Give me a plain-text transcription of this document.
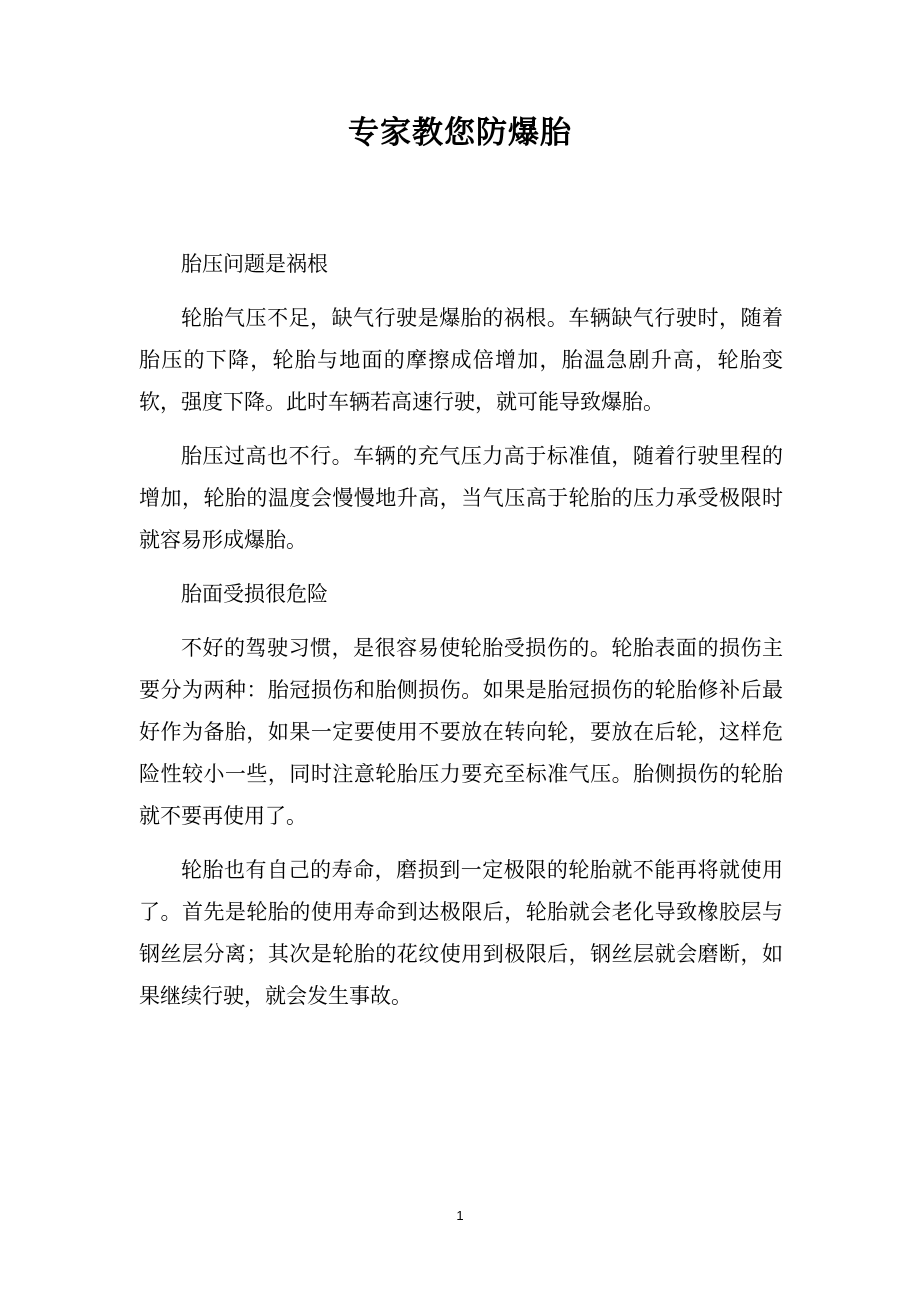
专家教您防爆胎

胎压问题是祸根

轮胎气压不足，缺气行驶是爆胎的祸根。车辆缺气行驶时，随着胎压的下降，轮胎与地面的摩擦成倍增加，胎温急剧升高，轮胎变软，强度下降。此时车辆若高速行驶，就可能导致爆胎。

胎压过高也不行。车辆的充气压力高于标准值，随着行驶里程的增加，轮胎的温度会慢慢地升高，当气压高于轮胎的压力承受极限时就容易形成爆胎。

胎面受损很危险

不好的驾驶习惯，是很容易使轮胎受损伤的。轮胎表面的损伤主要分为两种：胎冠损伤和胎侧损伤。如果是胎冠损伤的轮胎修补后最好作为备胎，如果一定要使用不要放在转向轮，要放在后轮，这样危险性较小一些，同时注意轮胎压力要充至标准气压。胎侧损伤的轮胎就不要再使用了。

轮胎也有自己的寿命，磨损到一定极限的轮胎就不能再将就使用了。首先是轮胎的使用寿命到达极限后，轮胎就会老化导致橡胶层与钢丝层分离；其次是轮胎的花纹使用到极限后，钢丝层就会磨断，如果继续行驶，就会发生事故。

1
